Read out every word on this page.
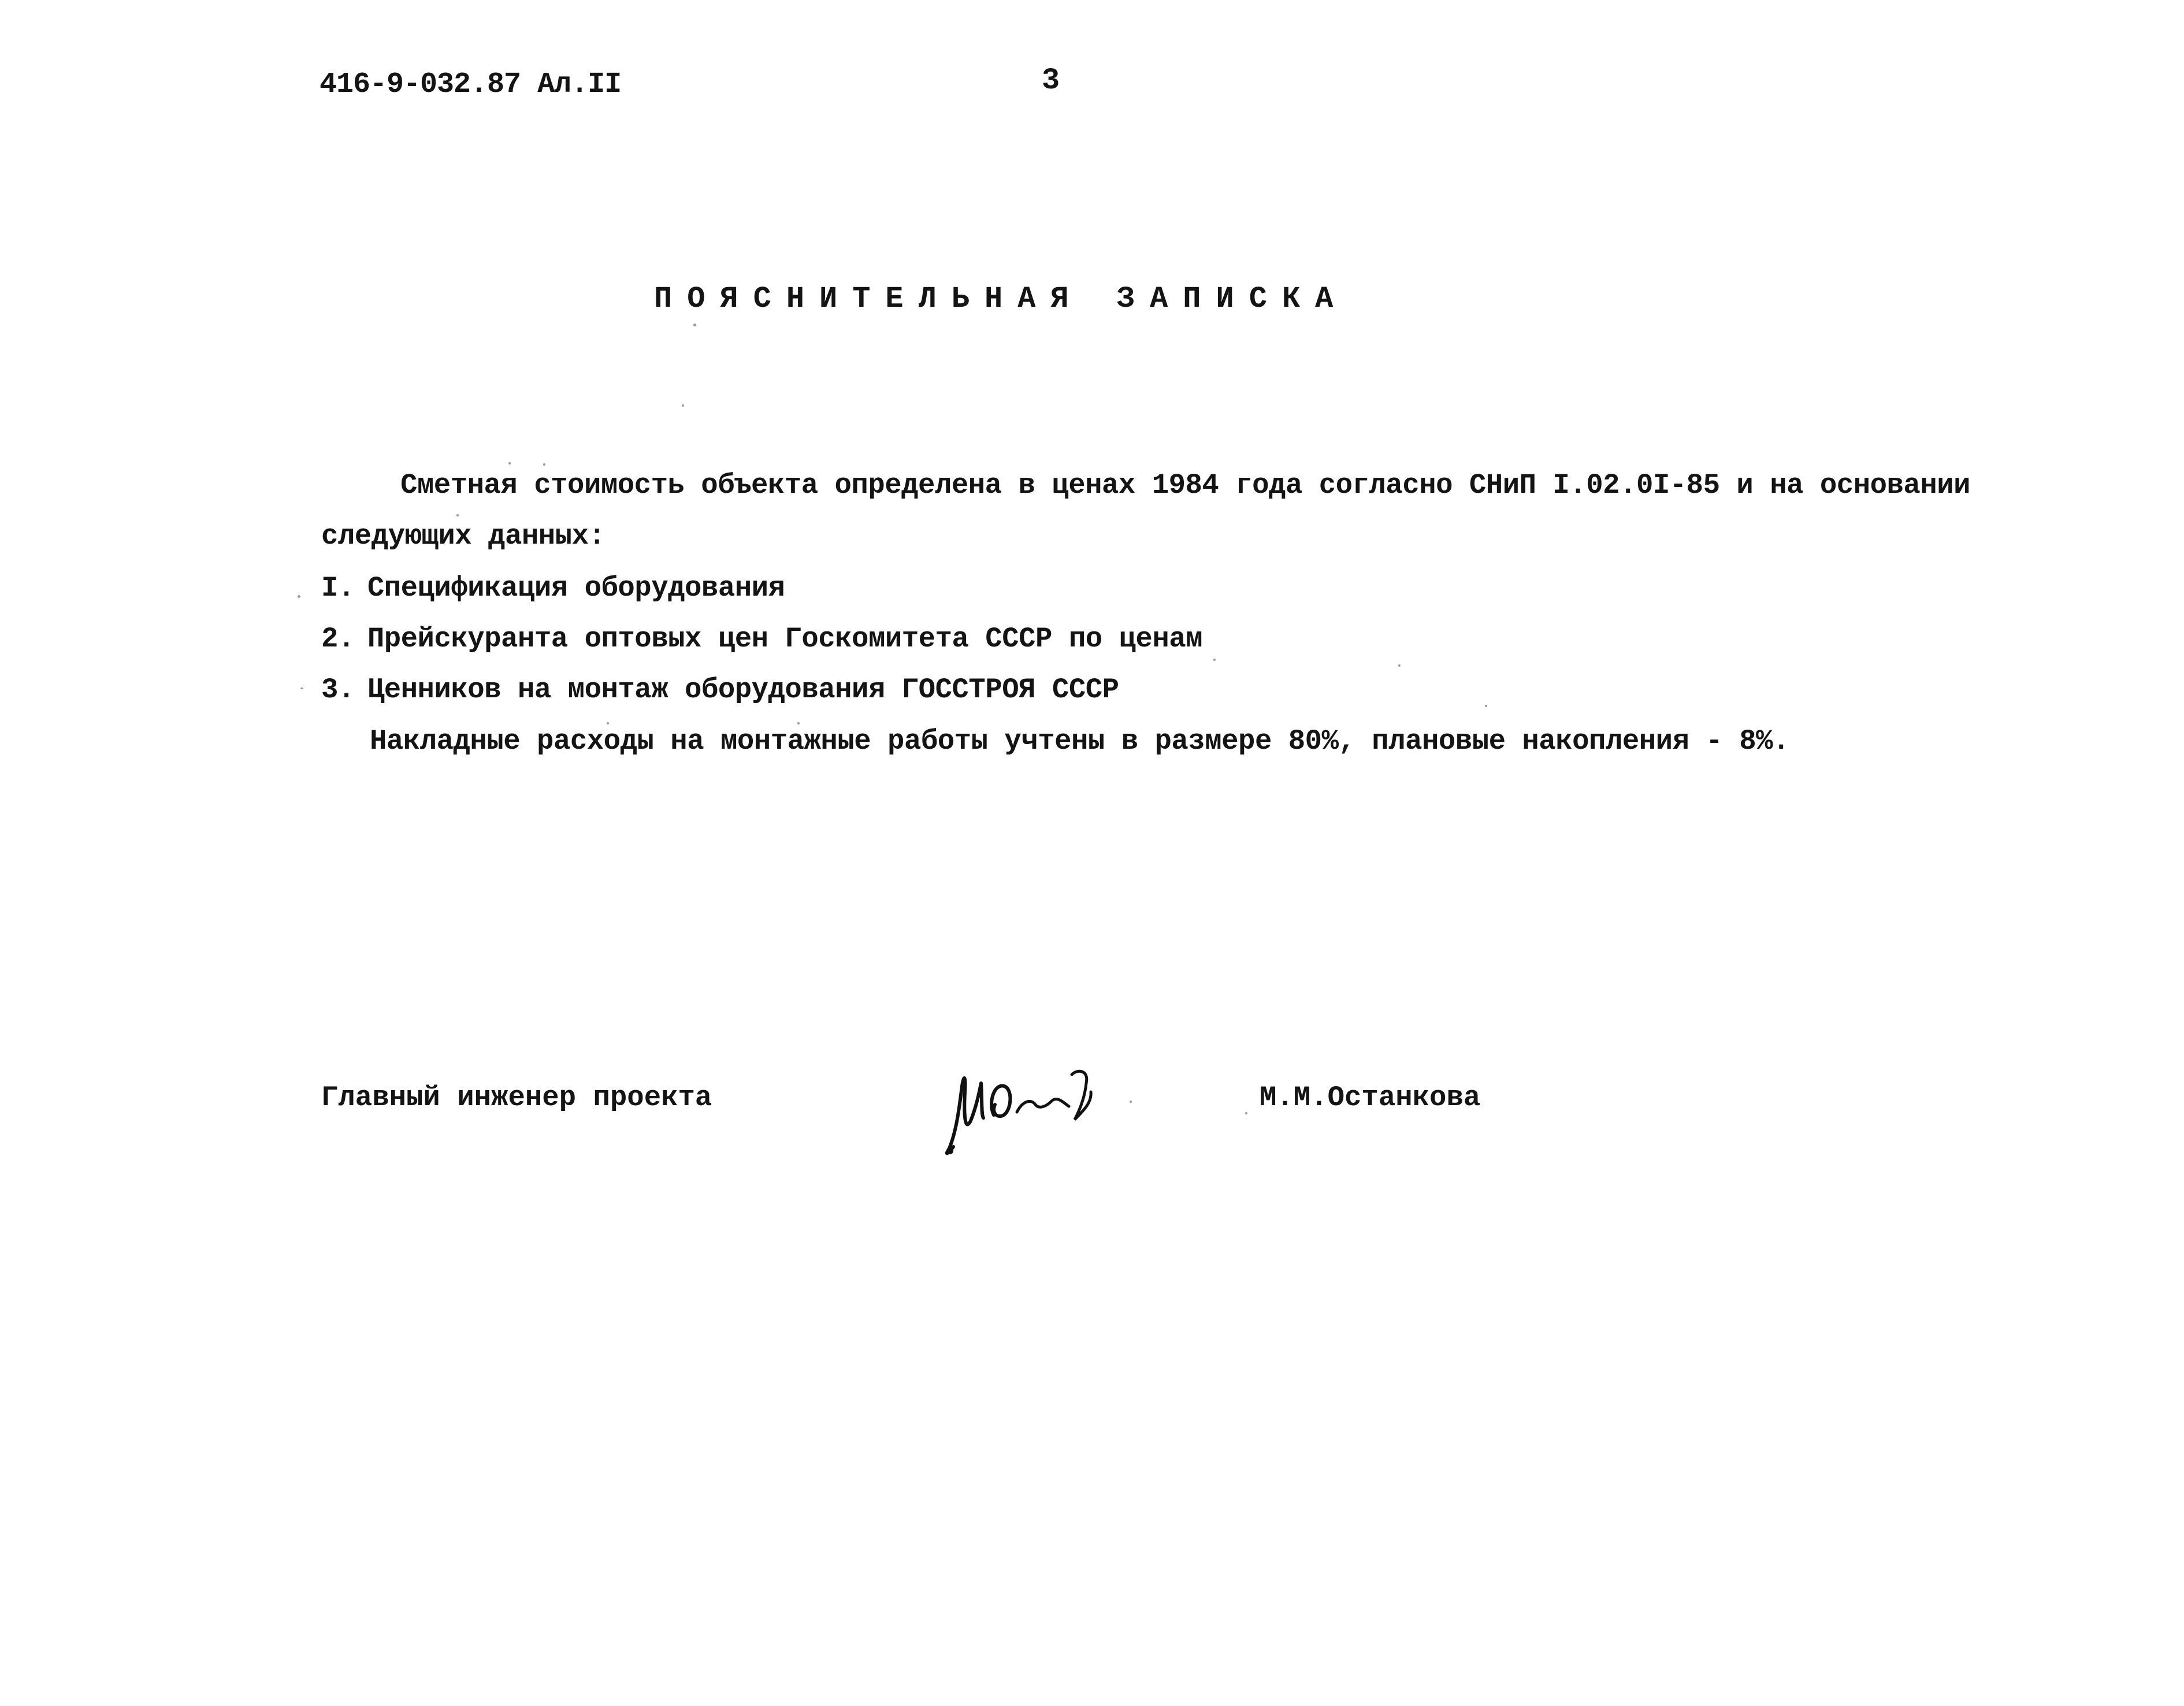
416-9-032.87 Ал.II	3
ПОЯСНИТЕЛЬНАЯ ЗАПИСКА
Сметная стоимость объекта определена в ценах 1984 года согласно СНиП I.02.0I-85 и на основании
следующих данных:
I. Спецификация оборудования
2. Прейскуранта оптовых цен Госкомитета СССР по ценам
3. Ценников на монтаж оборудования ГОССТРОЯ СССР
Накладные расходы на монтажные работы учтены в размере 80%, плановые накопления - 8%.
Главный инженер проекта	М.М.Останкова
